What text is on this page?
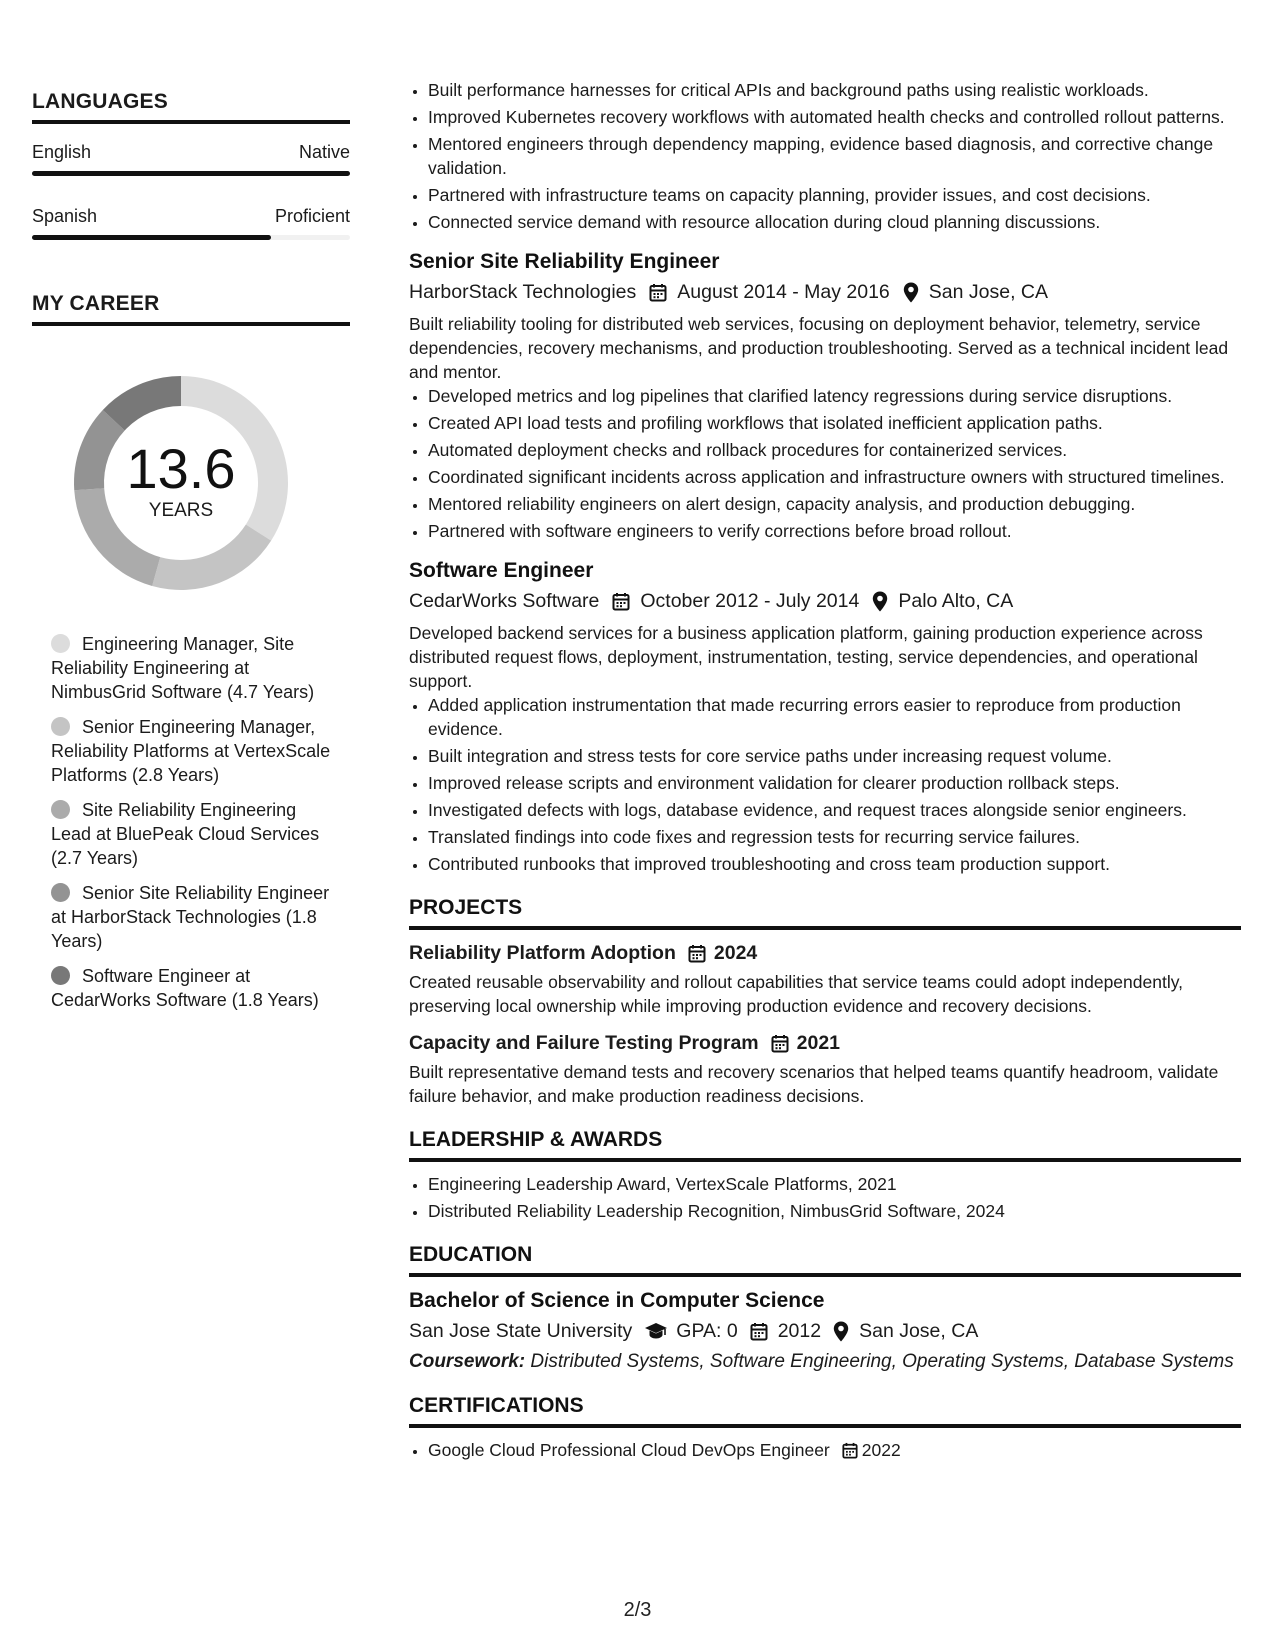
LANGUAGES
English	Native
Spanish	Proficient
MY CAREER
13.6
YEARS
Engineering Manager, Site Reliability Engineering at NimbusGrid Software (4.7 Years)
Senior Engineering Manager, Reliability Platforms at VertexScale Platforms (2.8 Years)
Site Reliability Engineering Lead at BluePeak Cloud Services (2.7 Years)
Senior Site Reliability Engineer at HarborStack Technologies (1.8 Years)
Software Engineer at CedarWorks Software (1.8 Years)
• Built performance harnesses for critical APIs and background paths using realistic workloads.
• Improved Kubernetes recovery workflows with automated health checks and controlled rollout patterns.
• Mentored engineers through dependency mapping, evidence based diagnosis, and corrective change validation.
• Partnered with infrastructure teams on capacity planning, provider issues, and cost decisions.
• Connected service demand with resource allocation during cloud planning discussions.
Senior Site Reliability Engineer
HarborStack Technologies August 2014 - May 2016 San Jose, CA
Built reliability tooling for distributed web services, focusing on deployment behavior, telemetry, service dependencies, recovery mechanisms, and production troubleshooting. Served as a technical incident lead and mentor.
• Developed metrics and log pipelines that clarified latency regressions during service disruptions.
• Created API load tests and profiling workflows that isolated inefficient application paths.
• Automated deployment checks and rollback procedures for containerized services.
• Coordinated significant incidents across application and infrastructure owners with structured timelines.
• Mentored reliability engineers on alert design, capacity analysis, and production debugging.
• Partnered with software engineers to verify corrections before broad rollout.
Software Engineer
CedarWorks Software October 2012 - July 2014 Palo Alto, CA
Developed backend services for a business application platform, gaining production experience across distributed request flows, deployment, instrumentation, testing, service dependencies, and operational support.
• Added application instrumentation that made recurring errors easier to reproduce from production evidence.
• Built integration and stress tests for core service paths under increasing request volume.
• Improved release scripts and environment validation for clearer production rollback steps.
• Investigated defects with logs, database evidence, and request traces alongside senior engineers.
• Translated findings into code fixes and regression tests for recurring service failures.
• Contributed runbooks that improved troubleshooting and cross team production support.
PROJECTS
Reliability Platform Adoption 2024
Created reusable observability and rollout capabilities that service teams could adopt independently, preserving local ownership while improving production evidence and recovery decisions.
Capacity and Failure Testing Program 2021
Built representative demand tests and recovery scenarios that helped teams quantify headroom, validate failure behavior, and make production readiness decisions.
LEADERSHIP & AWARDS
• Engineering Leadership Award, VertexScale Platforms, 2021
• Distributed Reliability Leadership Recognition, NimbusGrid Software, 2024
EDUCATION
Bachelor of Science in Computer Science
San Jose State University GPA: 0 2012 San Jose, CA
Coursework: Distributed Systems, Software Engineering, Operating Systems, Database Systems
CERTIFICATIONS
• Google Cloud Professional Cloud DevOps Engineer 2022
2/3
